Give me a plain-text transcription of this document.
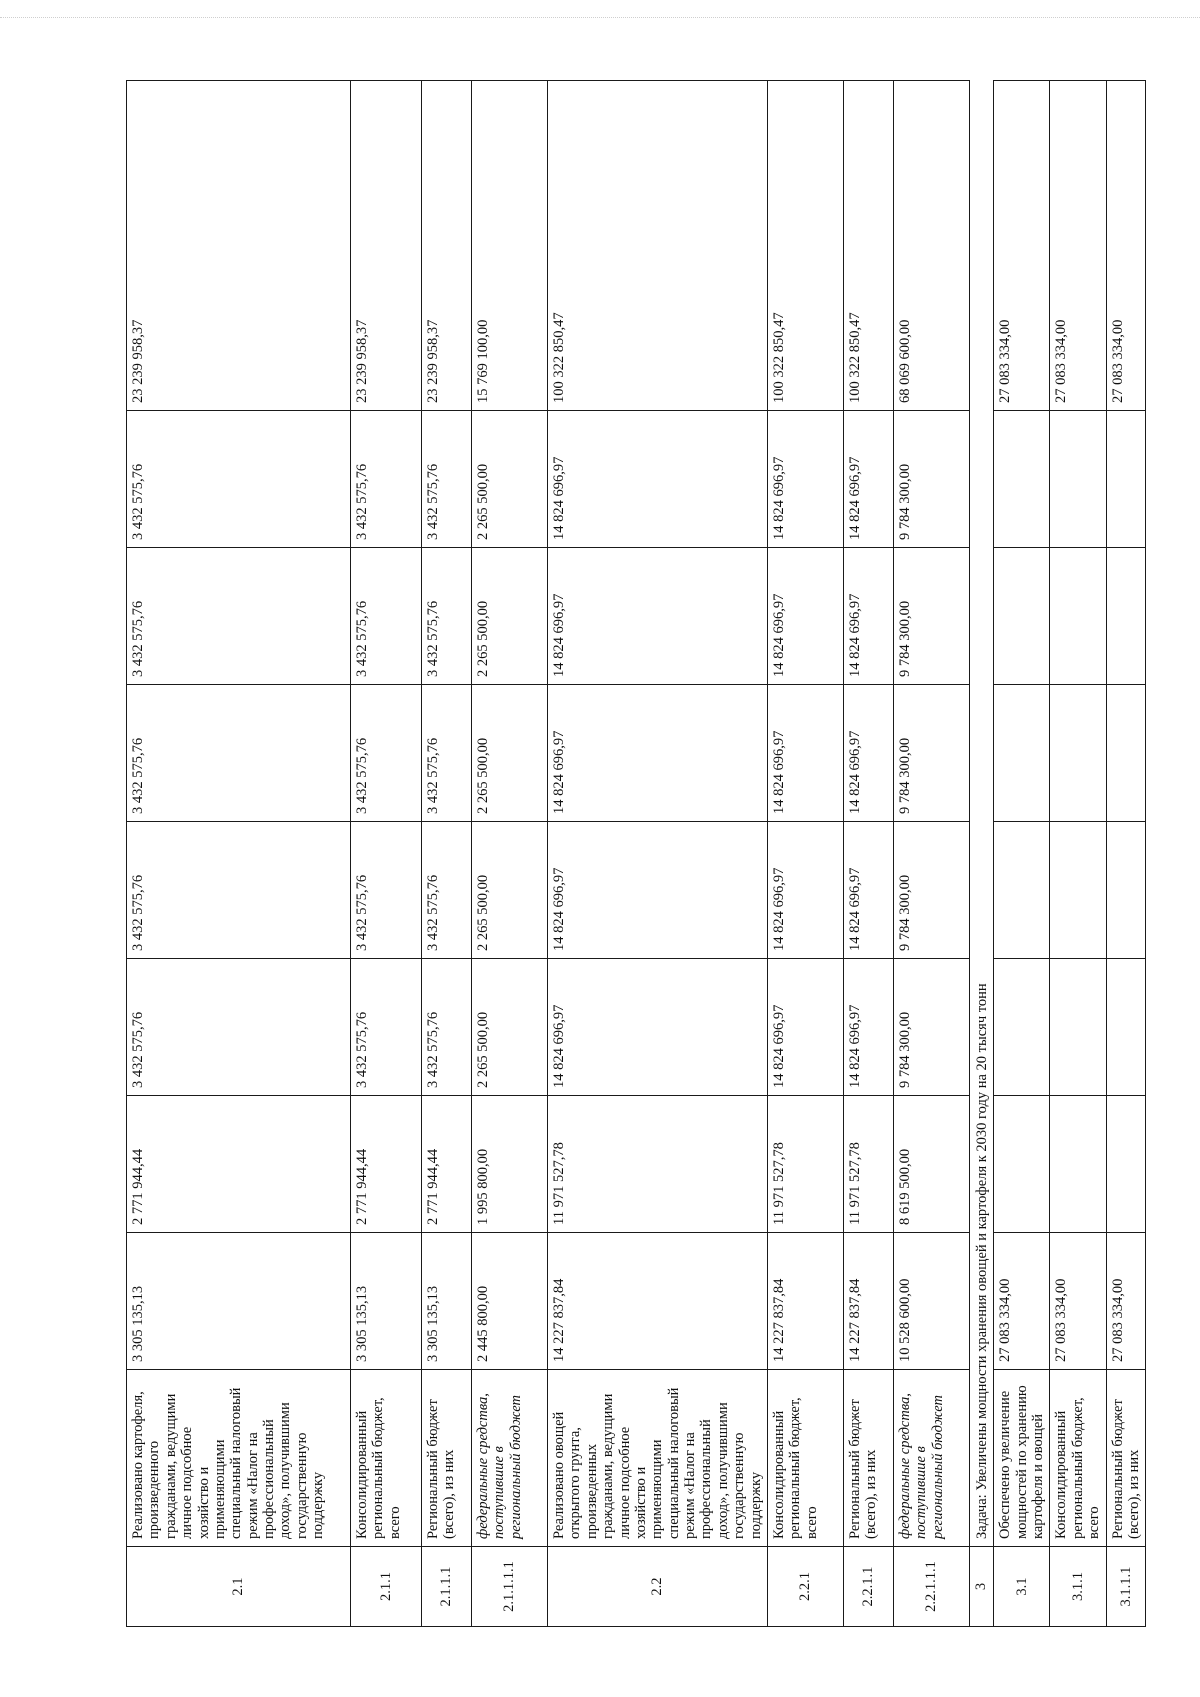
2.1	Реализовано картофеля, произведенного гражданами, ведущими личное подсобное хозяйство и применяющими специальный налоговый режим «Налог на профессиональный доход», получившими государственную поддержку	3 305 135,13	2 771 944,44	3 432 575,76	3 432 575,76	3 432 575,76	3 432 575,76	3 432 575,76	23 239 958,37
2.1.1	Консолидированный региональный бюджет, всего	3 305 135,13	2 771 944,44	3 432 575,76	3 432 575,76	3 432 575,76	3 432 575,76	3 432 575,76	23 239 958,37
2.1.1.1	Региональный бюджет (всего), из них	3 305 135,13	2 771 944,44	3 432 575,76	3 432 575,76	3 432 575,76	3 432 575,76	3 432 575,76	23 239 958,37
2.1.1.1.1	федеральные средства, поступившие в региональный бюджет	2 445 800,00	1 995 800,00	2 265 500,00	2 265 500,00	2 265 500,00	2 265 500,00	2 265 500,00	15 769 100,00
2.2	Реализовано овощей открытого грунта, произведенных гражданами, ведущими личное подсобное хозяйство и применяющими специальный налоговый режим «Налог на профессиональный доход», получившими государственную поддержку	14 227 837,84	11 971 527,78	14 824 696,97	14 824 696,97	14 824 696,97	14 824 696,97	14 824 696,97	100 322 850,47
2.2.1	Консолидированный региональный бюджет, всего	14 227 837,84	11 971 527,78	14 824 696,97	14 824 696,97	14 824 696,97	14 824 696,97	14 824 696,97	100 322 850,47
2.2.1.1	Региональный бюджет (всего), из них	14 227 837,84	11 971 527,78	14 824 696,97	14 824 696,97	14 824 696,97	14 824 696,97	14 824 696,97	100 322 850,47
2.2.1.1.1	федеральные средства, поступившие в региональный бюджет	10 528 600,00	8 619 500,00	9 784 300,00	9 784 300,00	9 784 300,00	9 784 300,00	9 784 300,00	68 069 600,00
3	Задача: Увеличены мощности хранения овощей и картофеля к 2030 году на 20 тысяч тонн								
3.1	Обеспечено увеличение мощностей по хранению картофеля и овощей	27 083 334,00							27 083 334,00
3.1.1	Консолидированный региональный бюджет, всего	27 083 334,00							27 083 334,00
3.1.1.1	Региональный бюджет (всего), из них	27 083 334,00							27 083 334,00
